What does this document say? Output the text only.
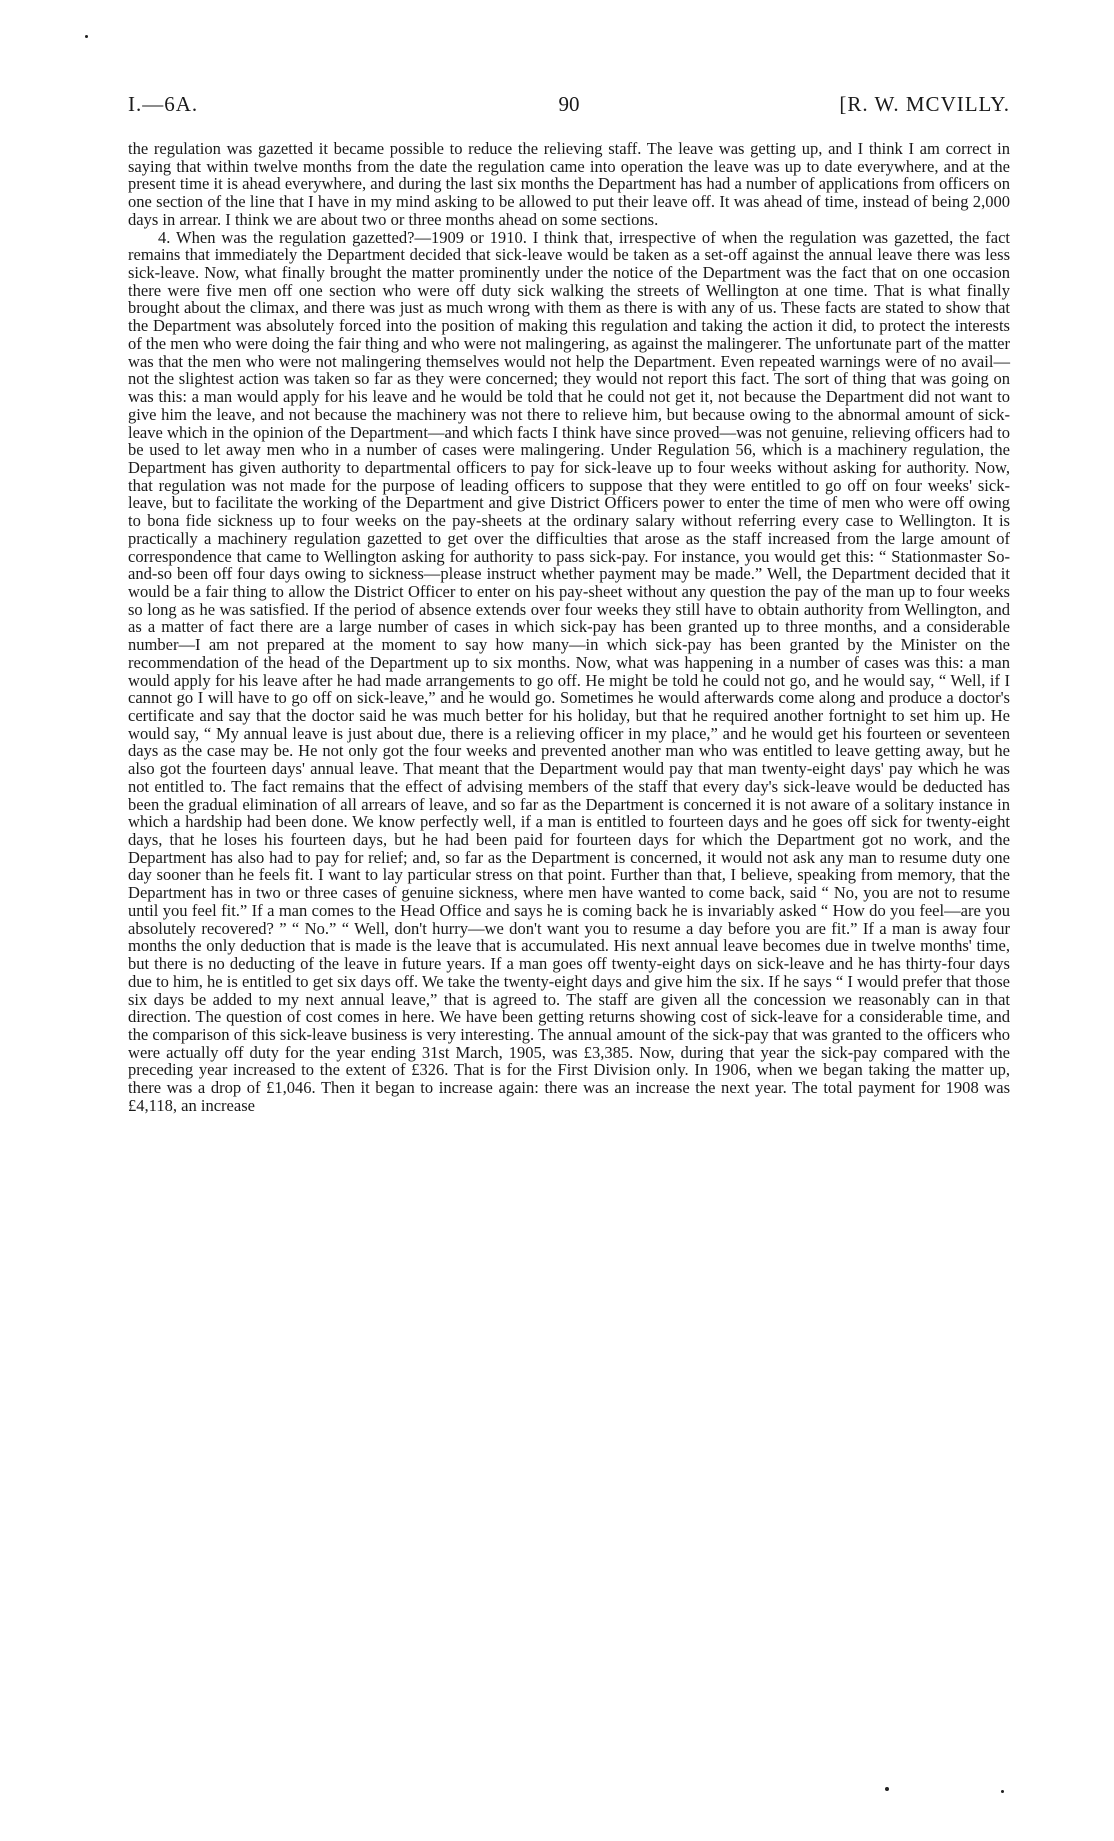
I.—6A.	90	[R. W. MCVILLY.

the regulation was gazetted it became possible to reduce the relieving staff. The leave was getting up, and I think I am correct in saying that within twelve months from the date the regulation came into operation the leave was up to date everywhere, and at the present time it is ahead everywhere, and during the last six months the Department has had a number of applications from officers on one section of the line that I have in my mind asking to be allowed to put their leave off. It was ahead of time, instead of being 2,000 days in arrear. I think we are about two or three months ahead on some sections.

4. When was the regulation gazetted?—1909 or 1910. I think that, irrespective of when the regulation was gazetted, the fact remains that immediately the Department decided that sick-leave would be taken as a set-off against the annual leave there was less sick-leave. Now, what finally brought the matter prominently under the notice of the Department was the fact that on one occasion there were five men off one section who were off duty sick walking the streets of Wellington at one time. That is what finally brought about the climax, and there was just as much wrong with them as there is with any of us. These facts are stated to show that the Department was absolutely forced into the position of making this regulation and taking the action it did, to protect the interests of the men who were doing the fair thing and who were not malingering, as against the malingerer. The unfortunate part of the matter was that the men who were not malingering themselves would not help the Department. Even repeated warnings were of no avail—not the slightest action was taken so far as they were concerned; they would not report this fact. The sort of thing that was going on was this: a man would apply for his leave and he would be told that he could not get it, not because the Department did not want to give him the leave, and not because the machinery was not there to relieve him, but because owing to the abnormal amount of sick-leave which in the opinion of the Department—and which facts I think have since proved—was not genuine, relieving officers had to be used to let away men who in a number of cases were malingering. Under Regulation 56, which is a machinery regulation, the Department has given authority to departmental officers to pay for sick-leave up to four weeks without asking for authority. Now, that regulation was not made for the purpose of leading officers to suppose that they were entitled to go off on four weeks' sick-leave, but to facilitate the working of the Department and give District Officers power to enter the time of men who were off owing to bona fide sickness up to four weeks on the pay-sheets at the ordinary salary without referring every case to Wellington. It is practically a machinery regulation gazetted to get over the difficulties that arose as the staff increased from the large amount of correspondence that came to Wellington asking for authority to pass sick-pay. For instance, you would get this: “ Stationmaster So-and-so been off four days owing to sickness—please instruct whether payment may be made.” Well, the Department decided that it would be a fair thing to allow the District Officer to enter on his pay-sheet without any question the pay of the man up to four weeks so long as he was satisfied. If the period of absence extends over four weeks they still have to obtain authority from Wellington, and as a matter of fact there are a large number of cases in which sick-pay has been granted up to three months, and a considerable number—I am not prepared at the moment to say how many—in which sick-pay has been granted by the Minister on the recommendation of the head of the Department up to six months. Now, what was happening in a number of cases was this: a man would apply for his leave after he had made arrangements to go off. He might be told he could not go, and he would say, “ Well, if I cannot go I will have to go off on sick-leave,” and he would go. Sometimes he would afterwards come along and produce a doctor's certificate and say that the doctor said he was much better for his holiday, but that he required another fortnight to set him up. He would say, “ My annual leave is just about due, there is a relieving officer in my place,” and he would get his fourteen or seventeen days as the case may be. He not only got the four weeks and prevented another man who was entitled to leave getting away, but he also got the fourteen days' annual leave. That meant that the Department would pay that man twenty-eight days' pay which he was not entitled to. The fact remains that the effect of advising members of the staff that every day's sick-leave would be deducted has been the gradual elimination of all arrears of leave, and so far as the Department is concerned it is not aware of a solitary instance in which a hardship had been done. We know perfectly well, if a man is entitled to fourteen days and he goes off sick for twenty-eight days, that he loses his fourteen days, but he had been paid for fourteen days for which the Department got no work, and the Department has also had to pay for relief; and, so far as the Department is concerned, it would not ask any man to resume duty one day sooner than he feels fit. I want to lay particular stress on that point. Further than that, I believe, speaking from memory, that the Department has in two or three cases of genuine sickness, where men have wanted to come back, said “ No, you are not to resume until you feel fit.” If a man comes to the Head Office and says he is coming back he is invariably asked “ How do you feel—are you absolutely recovered? ” “ No.” “ Well, don't hurry—we don't want you to resume a day before you are fit.” If a man is away four months the only deduction that is made is the leave that is accumulated. His next annual leave becomes due in twelve months' time, but there is no deducting of the leave in future years. If a man goes off twenty-eight days on sick-leave and he has thirty-four days due to him, he is entitled to get six days off. We take the twenty-eight days and give him the six. If he says “ I would prefer that those six days be added to my next annual leave,” that is agreed to. The staff are given all the concession we reasonably can in that direction. The question of cost comes in here. We have been getting returns showing cost of sick-leave for a considerable time, and the comparison of this sick-leave business is very interesting. The annual amount of the sick-pay that was granted to the officers who were actually off duty for the year ending 31st March, 1905, was £3,385. Now, during that year the sick-pay compared with the preceding year increased to the extent of £326. That is for the First Division only. In 1906, when we began taking the matter up, there was a drop of £1,046. Then it began to increase again: there was an increase the next year. The total payment for 1908 was £4,118, an increase
